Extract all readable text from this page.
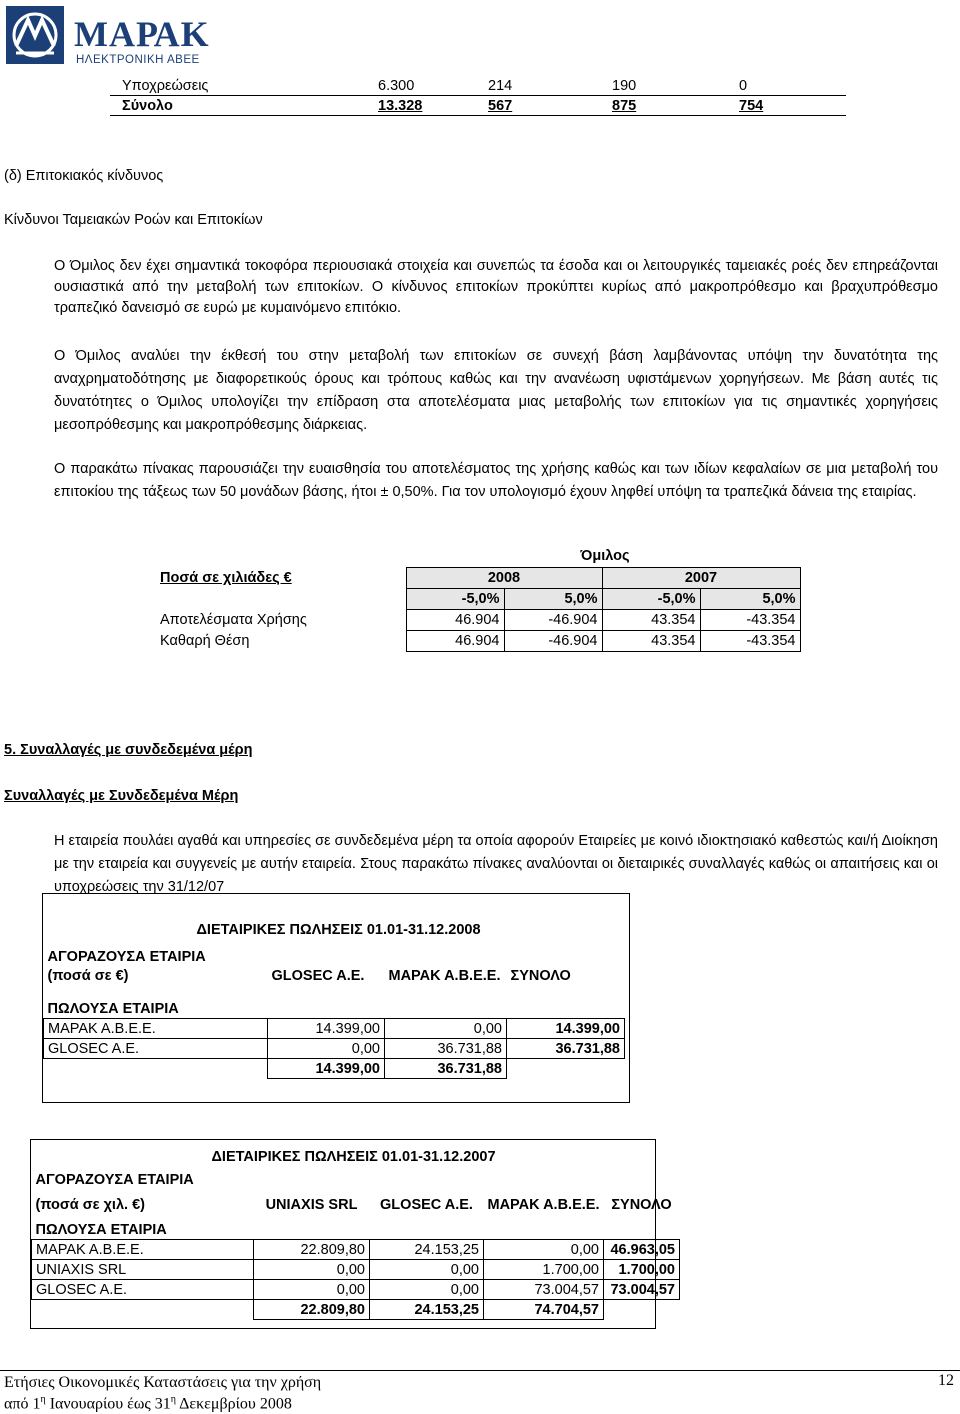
ΜΑΡΑΚ
ΗΛΕΚΤΡΟΝΙΚΗ ΑΒΕΕ
Υποχρεώσεις	6.300	214	190	0
Σύνολο	13.328	567	875	754
(δ) Επιτοκιακός κίνδυνος
Κίνδυνοι Ταμειακών Ροών και Επιτοκίων

Ο Όμιλος δεν έχει σημαντικά τοκοφόρα περιουσιακά στοιχεία και συνεπώς τα έσοδα και οι λειτουργικές ταμειακές ροές δεν επηρεάζονται ουσιαστικά από την μεταβολή των επιτοκίων. Ο κίνδυνος επιτοκίων προκύπτει κυρίως από μακροπρόθεσμο και βραχυπρόθεσμο τραπεζικό δανεισμό σε ευρώ με κυμαινόμενο επιτόκιο.

Ο Όμιλος αναλύει την έκθεσή του στην μεταβολή των επιτοκίων σε συνεχή βάση λαμβάνοντας υπόψη την δυνατότητα της αναχρηματοδότησης με διαφορετικούς όρους και τρόπους καθώς και την ανανέωση υφιστάμενων χορηγήσεων. Με βάση αυτές τις δυνατότητες ο Όμιλος υπολογίζει την επίδραση στα αποτελέσματα μιας μεταβολής των επιτοκίων για τις σημαντικές χορηγήσεις μεσοπρόθεσμης και μακροπρόθεσμης διάρκειας.

Ο παρακάτω πίνακας παρουσιάζει την ευαισθησία του αποτελέσματος της χρήσης καθώς και των ιδίων κεφαλαίων σε μια μεταβολή του επιτοκίου της τάξεως των 50 μονάδων βάσης, ήτοι ± 0,50%. Για τον υπολογισμό έχουν ληφθεί υπόψη τα τραπεζικά δάνεια της εταιρίας.

Όμιλος
Ποσά σε χιλιάδες €	2008		2007	
	-5,0%	5,0%	-5,0%	5,0%
Αποτελέσματα Χρήσης	46.904	-46.904	43.354	-43.354
Καθαρή Θέση	46.904	-46.904	43.354	-43.354
5. Συναλλαγές με συνδεδεμένα μέρη
Συναλλαγές με Συνδεδεμένα Μέρη

Η εταιρεία πουλάει αγαθά και υπηρεσίες σε συνδεδεμένα μέρη τα οποία αφορούν Εταιρείες με κοινό ιδιοκτησιακό καθεστώς και/ή Διοίκηση με την εταιρεία και συγγενείς με αυτήν εταιρεία. Στους παρακάτω πίνακες αναλύονται οι διεταιρικές συναλλαγές καθώς οι απαιτήσεις και οι υποχρεώσεις την 31/12/07

ΔΙΕΤΑΙΡΙΚΕΣ ΠΩΛΗΣΕΙΣ 01.01-31.12.2008			

ΑΓΟΡΑΖΟΥΣΑ ΕΤΑΙΡΙΑ			
(ποσά σε €)	GLOSEC A.E.	ΜΑΡΑΚ Α.Β.Ε.Ε.	ΣΥΝΟΛΟ

ΠΩΛΟΥΣΑ ΕΤΑΙΡΙΑ			
ΜΑΡΑΚ Α.Β.Ε.Ε.	14.399,00	0,00	14.399,00
GLOSEC A.E.	0,00	36.731,88	36.731,88
	14.399,00	36.731,88	
ΔΙΕΤΑΙΡΙΚΕΣ ΠΩΛΗΣΕΙΣ 01.01-31.12.2007				

ΑΓΟΡΑΖΟΥΣΑ ΕΤΑΙΡΙΑ				

(ποσά σε χιλ. €)	UNIAXIS SRL	GLOSEC A.E.	ΜΑΡΑΚ Α.Β.Ε.Ε.	ΣΥΝΟΛΟ

ΠΩΛΟΥΣΑ ΕΤΑΙΡΙΑ				
ΜΑΡΑΚ Α.Β.Ε.Ε.	22.809,80	24.153,25	0,00	46.963,05
UNIAXIS SRL	0,00	0,00	1.700,00	1.700,00
GLOSEC A.E.	0,00	0,00	73.004,57	73.004,57
	22.809,80	24.153,25	74.704,57	
Ετήσιες Οικονομικές Καταστάσεις για την χρήση
από $1^\eta$ Ιανουαρίου έως $31^\eta$ Δεκεμβρίου 2008
12
